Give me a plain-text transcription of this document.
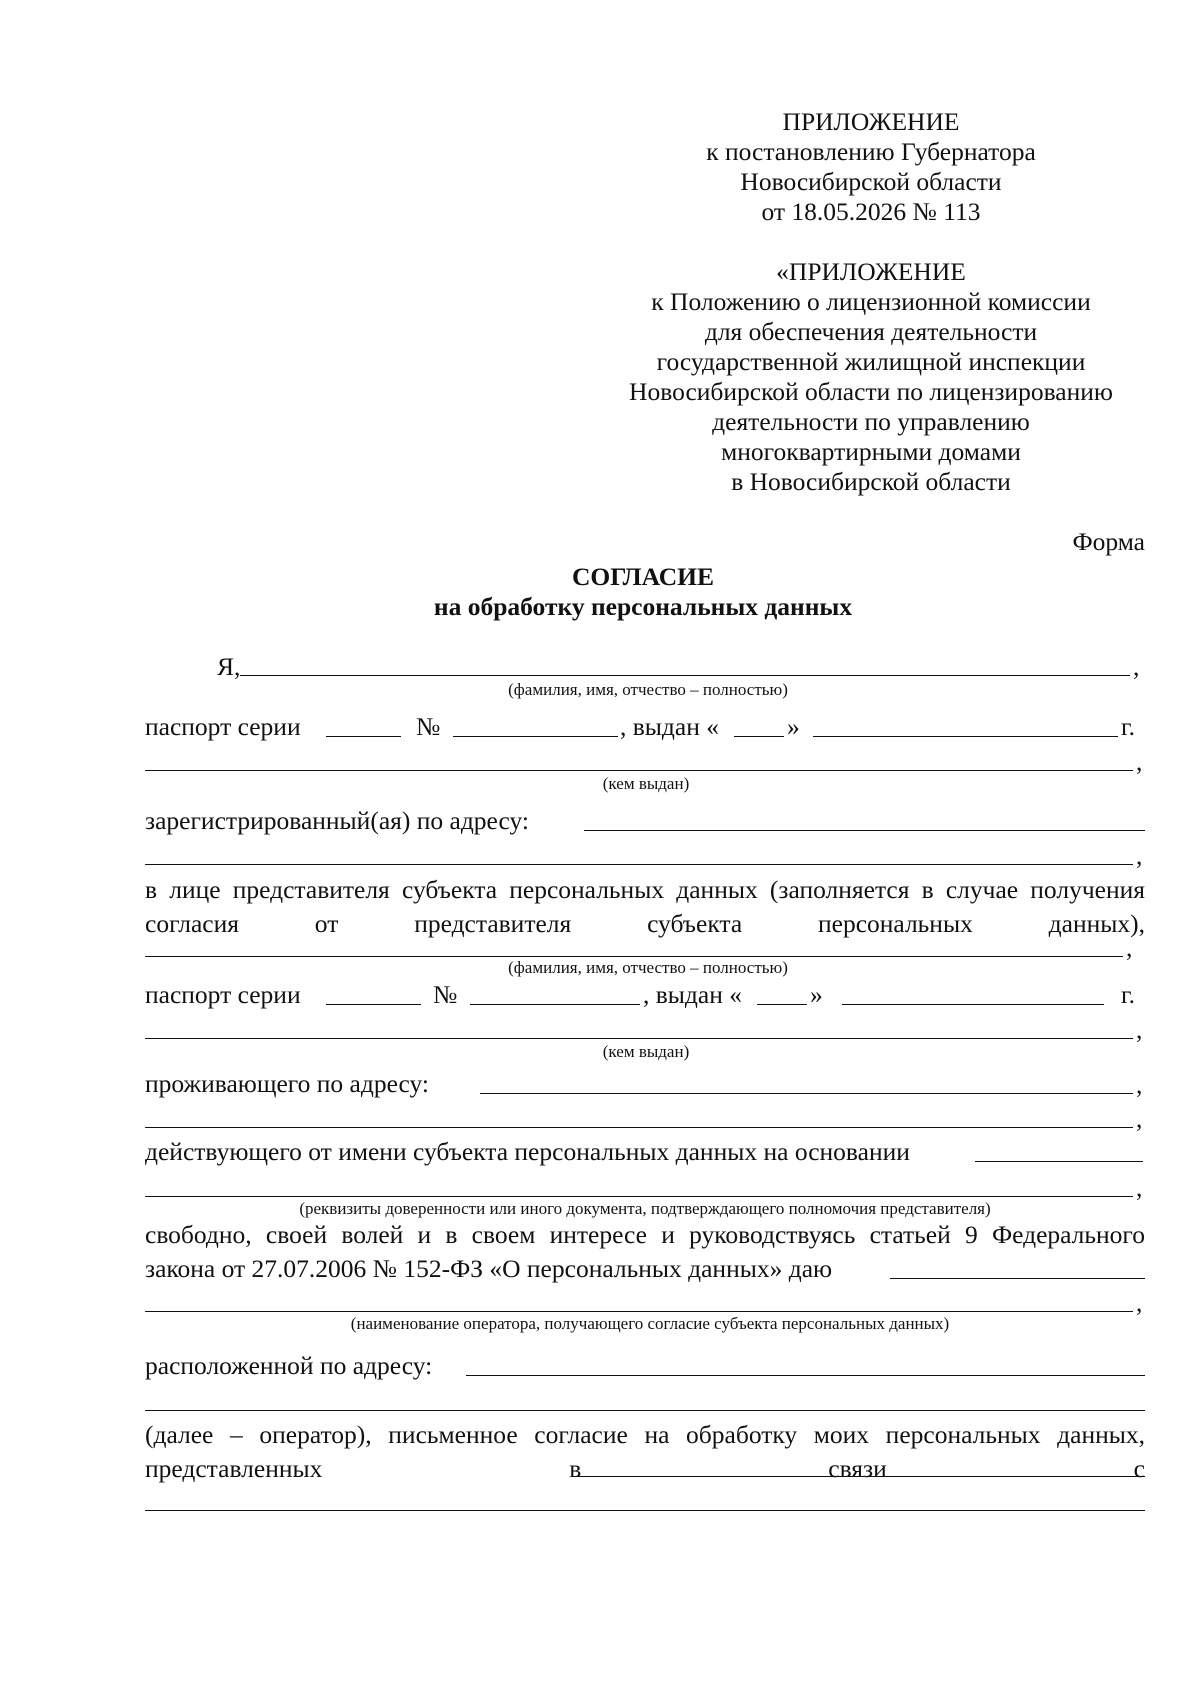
ПРИЛОЖЕНИЕ
к постановлению Губернатора
Новосибирской области
от 18.05.2026 № 113
«ПРИЛОЖЕНИЕ
к Положению о лицензионной комиссии
для обеспечения деятельности
государственной жилищной инспекции
Новосибирской области по лицензированию
деятельности по управлению
многоквартирными домами
в Новосибирской области
Форма
СОГЛАСИЕ
на обработку персональных данных
Я,	,
(фамилия, имя, отчество – полностью)
паспорт серии	№	, выдан «	»	г.
,
(кем выдан)
зарегистрированный(ая) по адресу:
,
в лице представителя субъекта персональных данных (заполняется в случае получения согласия от представителя субъекта персональных данных),
,
(фамилия, имя, отчество – полностью)
паспорт серии	№	, выдан «	»	г.
,
(кем выдан)
проживающего по адресу:	,
,
действующего от имени субъекта персональных данных на основании
,
(реквизиты доверенности или иного документа, подтверждающего полномочия представителя)
свободно, своей волей и в своем интересе и руководствуясь статьей 9 Федерального
закона от 27.07.2006 № 152-ФЗ «О персональных данных» даю
,
(наименование оператора, получающего согласие субъекта персональных данных)
расположенной по адресу:
(далее – оператор), письменное согласие на обработку моих персональных данных, представленных в связи с
